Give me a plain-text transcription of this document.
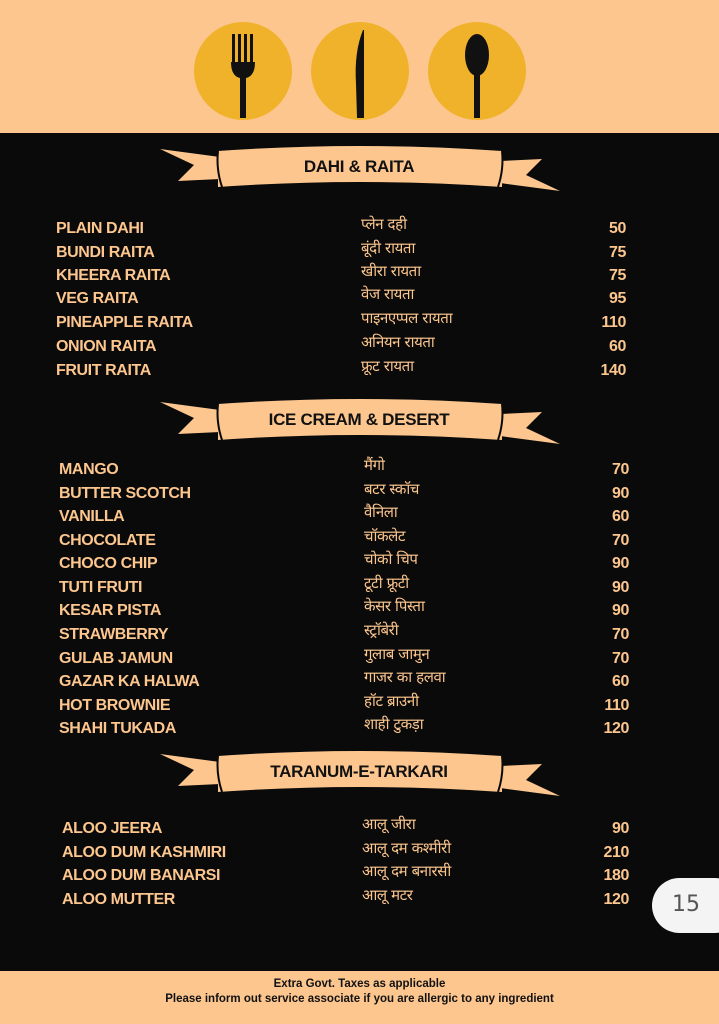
DAHI & RAITA
ICE CREAM & DESERT
TARANUM-E-TARKARI
PLAIN DAHI	प्लेन दही	50
BUNDI RAITA	बूंदी रायता	75
KHEERA RAITA	खीरा रायता	75
VEG RAITA	वेज रायता	95
PINEAPPLE RAITA	पाइनएप्पल रायता	110
ONION RAITA	अनियन रायता	60
FRUIT RAITA	फ्रूट रायता	140
MANGO	मैंगो	70
BUTTER SCOTCH	बटर स्कॉच	90
VANILLA	वैनिला	60
CHOCOLATE	चॉकलेट	70
CHOCO CHIP	चोको चिप	90
TUTI FRUTI	टूटी फ्रूटी	90
KESAR PISTA	केसर पिस्ता	90
STRAWBERRY	स्ट्रॉबेरी	70
GULAB JAMUN	गुलाब जामुन	70
GAZAR KA HALWA	गाजर का हलवा	60
HOT BROWNIE	हॉट ब्राउनी	110
SHAHI TUKADA	शाही टुकड़ा	120
ALOO JEERA	आलू जीरा	90
ALOO DUM KASHMIRI	आलू दम कश्मीरी	210
ALOO DUM BANARSI	आलू दम बनारसी	180
ALOO MUTTER	आलू मटर	120 15
Extra Govt. Taxes as applicable
Please inform out service associate if you are allergic to any ingredient
